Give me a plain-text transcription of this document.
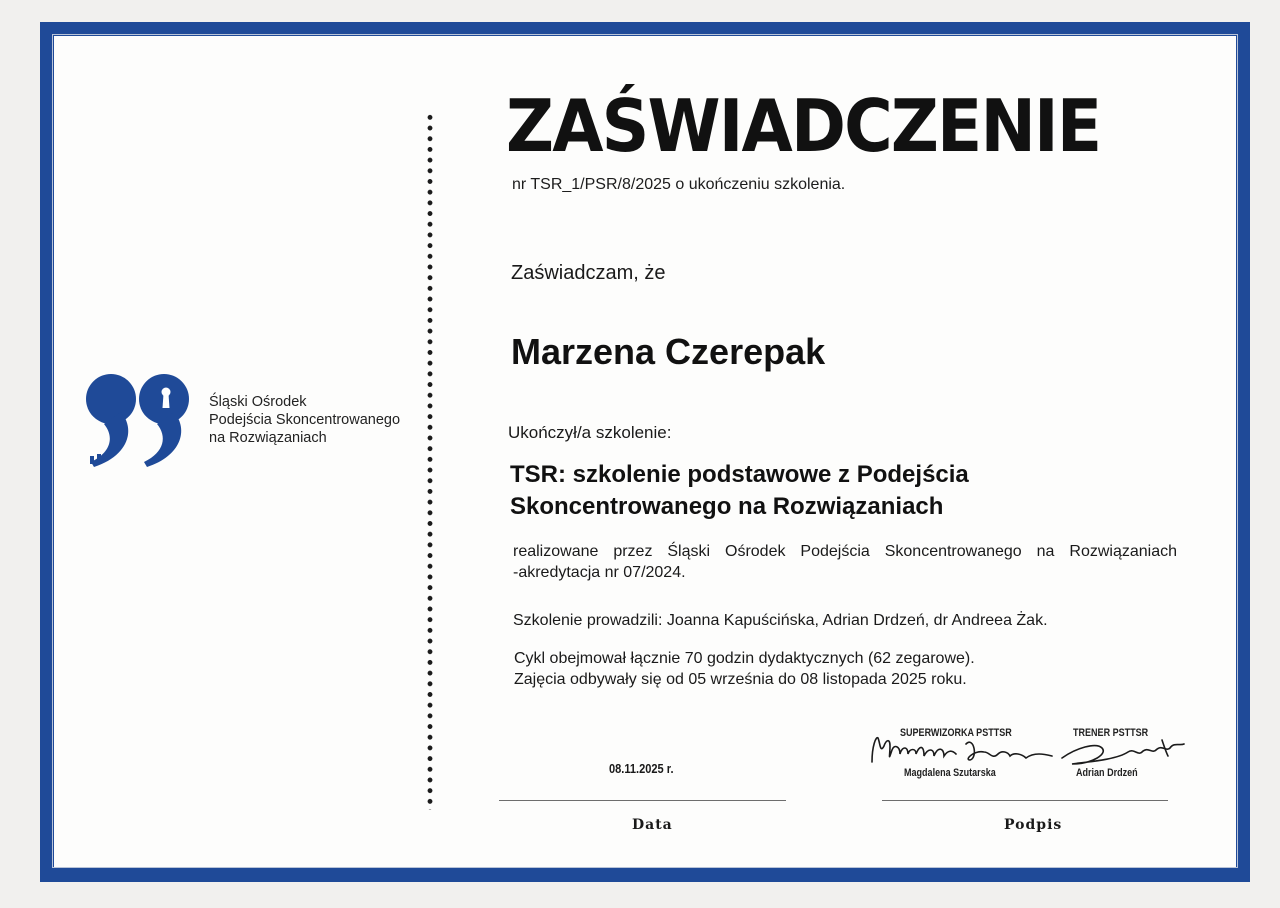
Śląski Ośrodek
Podejścia Skoncentrowanego
na Rozwiązaniach
ZAŚWIADCZENIE
nr TSR_1/PSR/8/2025 o ukończeniu szkolenia.
Zaświadczam, że
Marzena Czerepak
Ukończył/a szkolenie:
TSR: szkolenie podstawowe z Podejścia
Skoncentrowanego na Rozwiązaniach
realizowane przez Śląski Ośrodek Podejścia Skoncentrowanego na Rozwiązaniach
-akredytacja nr 07/2024.
Szkolenie prowadzili: Joanna Kapuścińska, Adrian Drdzeń, dr Andreea Żak.
Cykl obejmował łącznie 70 godzin dydaktycznych (62 zegarowe).
Zajęcia odbywały się od 05 września do 08 listopada 2025 roku.
08.11.2025 r.
Data	Podpis
SUPERWIZORKA PSTTSR
Magdalena Szutarska
TRENER PSTTSR
Adrian Drdzeń
